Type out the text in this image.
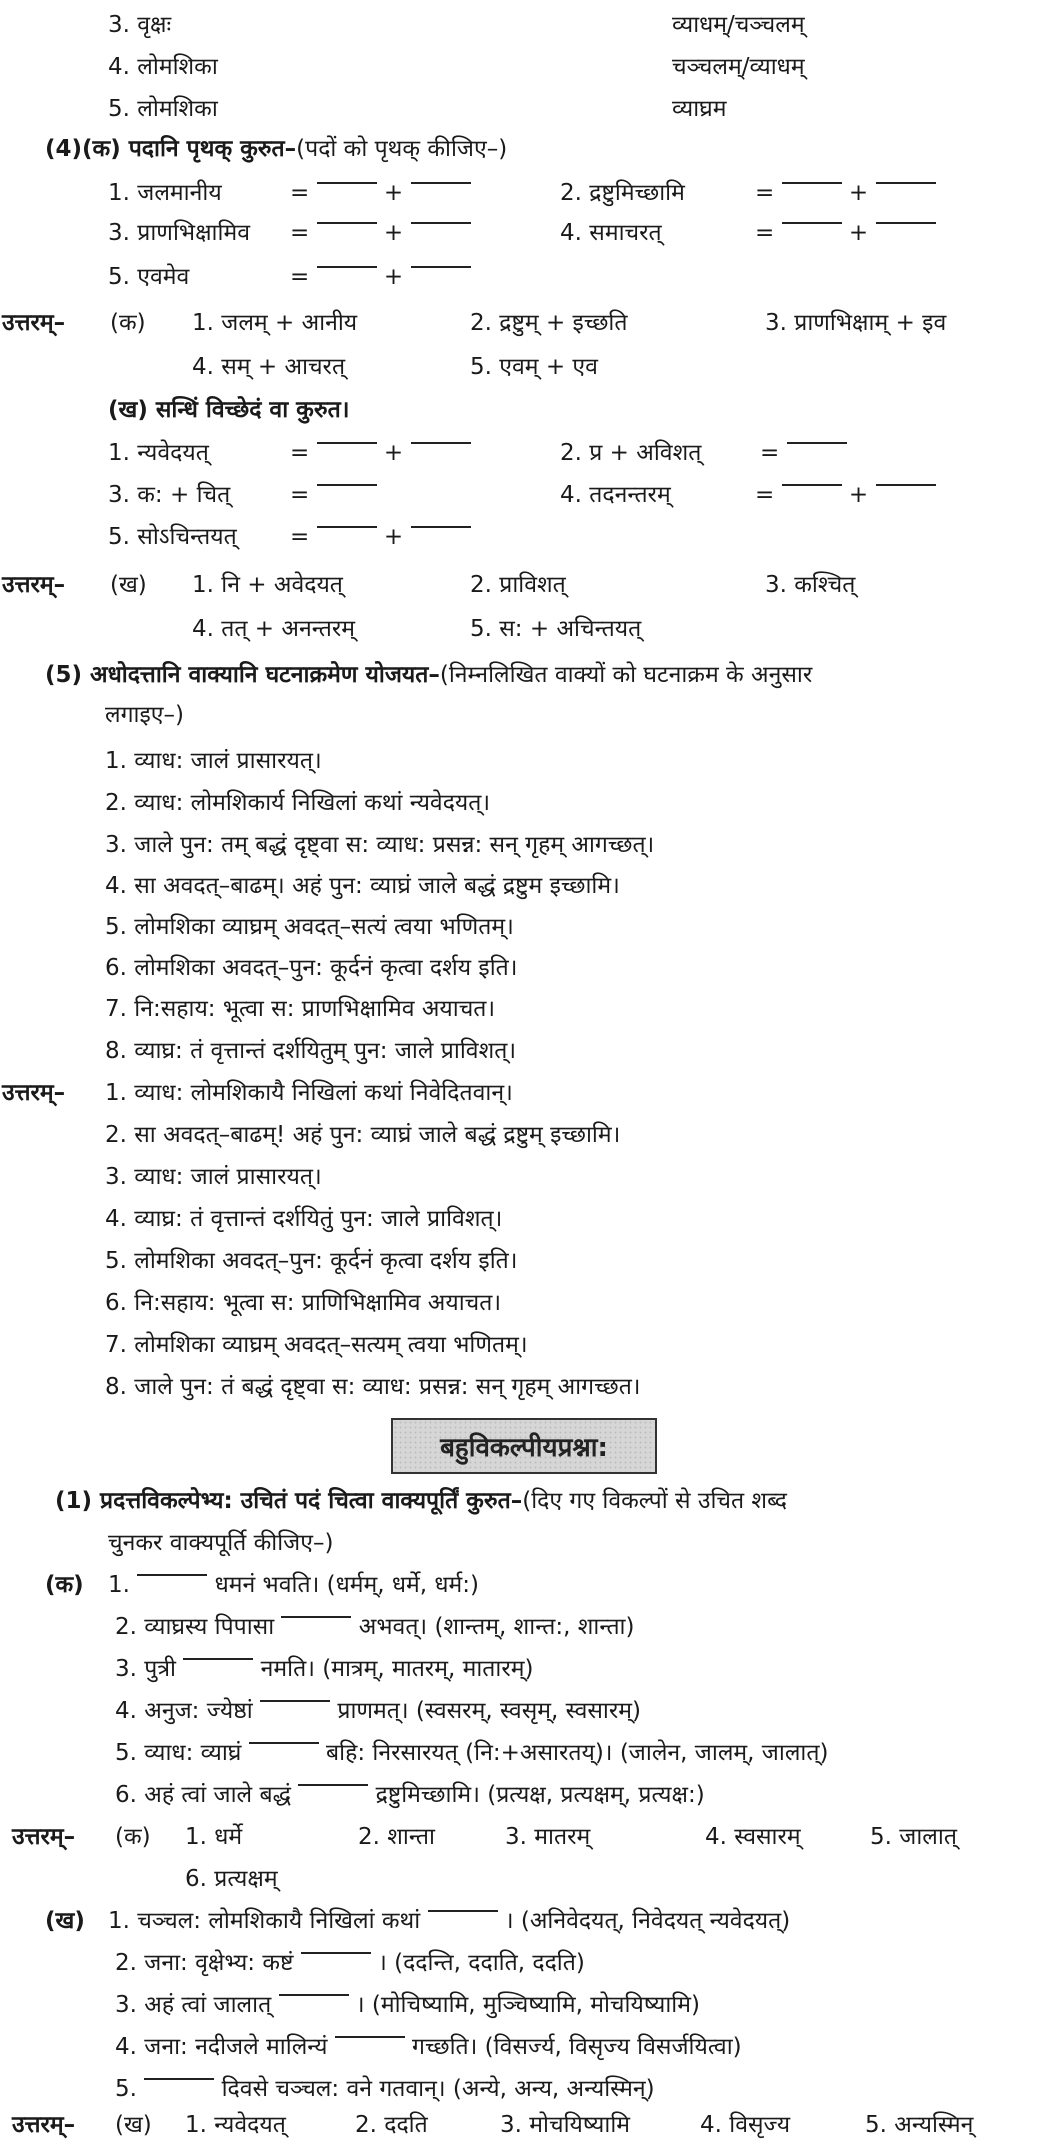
3. वृक्षः	व्याधम्/चञ्चलम्
4. लोमशिका	चञ्चलम्/व्याधम्
5. लोमशिका	व्याघ्रम
(4)(क) पदानि पृथक् कुरुत–(पदों को पृथक् कीजिए–)
1. जलमानीय	=	+	2. द्रष्टुमिच्छामि	=	+
3. प्राणभिक्षामिव =	+	4. समाचरत्	=	+
5. एवमेव	=	+
उत्तरम्– (क) 1. जलम् + आनीय	2. द्रष्टुम् + इच्छति	3. प्राणभिक्षाम् + इव
4. सम् + आचरत्	5. एवम् + एव
(ख) सन्धिं विच्छेदं वा कुरुत।
1. न्यवेदयत्	=	+	2. प्र + अविशत्	=
3. क: + चित्	=	4. तदनन्तरम्	=	+
5. सोऽचिन्तयत् =	+
उत्तरम्– (ख) 1. नि + अवेदयत्	2. प्राविशत्	3. कश्चित्
4. तत् + अनन्तरम्	5. स: + अचिन्तयत्
(5) अधोदत्तानि वाक्यानि घटनाक्रमेण योजयत–(निम्नलिखित वाक्यों को घटनाक्रम के अनुसार
लगाइए–)
1. व्याध: जालं प्रासारयत्।
2. व्याध: लोमशिकार्य निखिलां कथां न्यवेदयत्।
3. जाले पुन: तम् बद्धं दृष्ट्वा स: व्याध: प्रसन्न: सन् गृहम् आगच्छत्।
4. सा अवदत्–बाढम्। अहं पुन: व्याघ्रं जाले बद्धं द्रष्टुम इच्छामि।
5. लोमशिका व्याघ्रम् अवदत्–सत्यं त्वया भणितम्।
6. लोमशिका अवदत्–पुन: कूर्दनं कृत्वा दर्शय इति।
7. नि:सहाय: भूत्वा स: प्राणभिक्षामिव अयाचत।
8. व्याघ्र: तं वृत्तान्तं दर्शयितुम् पुन: जाले प्राविशत्।
उत्तरम्– 1. व्याध: लोमशिकायै निखिलां कथां निवेदितवान्।
2. सा अवदत्–बाढम्! अहं पुन: व्याघ्रं जाले बद्धं द्रष्टुम् इच्छामि।
3. व्याध: जालं प्रासारयत्।
4. व्याघ्र: तं वृत्तान्तं दर्शयितुं पुन: जाले प्राविशत्।
5. लोमशिका अवदत्–पुन: कूर्दनं कृत्वा दर्शय इति।
6. नि:सहाय: भूत्वा स: प्राणिभिक्षामिव अयाचत।
7. लोमशिका व्याघ्रम् अवदत्–सत्यम् त्वया भणितम्।
8. जाले पुन: तं बद्धं दृष्ट्वा स: व्याध: प्रसन्न: सन् गृहम् आगच्छत।
बहुविकल्पीयप्रश्ना:
(1) प्रदत्तविकल्पेभ्य: उचितं पदं चित्वा वाक्यपूर्तिं कुरुत–(दिए गए विकल्पों से उचित शब्द
चुनकर वाक्यपूर्ति कीजिए–)
(क) 1.	धमनं भवति। (धर्मम्, धर्मे, धर्म:)
2. व्याघ्रस्य पिपासा	अभवत्। (शान्तम्, शान्त:, शान्ता)
3. पुत्री	नमति। (मात्रम्, मातरम्, मातारम्)
4. अनुज: ज्येष्ठां	प्राणमत्। (स्वसरम्, स्वसृम्, स्वसारम्)
5. व्याध: व्याघ्रं	बहि: निरसारयत् (नि:+असारतय्)। (जालेन, जालम्, जालात्)
6. अहं त्वां जाले बद्धं	द्रष्टुमिच्छामि। (प्रत्यक्ष, प्रत्यक्षम्, प्रत्यक्ष:)
उत्तरम्– (क) 1. धर्मे	2. शान्ता	3. मातरम्	4. स्वसारम्	5. जालात्
6. प्रत्यक्षम्
(ख) 1. चञ्चल: लोमशिकायै निखिलां कथां	। (अनिवेदयत्, निवेदयत् न्यवेदयत्)
2. जना: वृक्षेभ्य: कष्टं	। (ददन्ति, ददाति, ददति)
3. अहं त्वां जालात्	। (मोचिष्यामि, मुञ्चिष्यामि, मोचयिष्यामि)
4. जना: नदीजले मालिन्यं	गच्छति। (विसर्ज्य, विसृज्य विसर्जयित्वा)
5.	दिवसे चञ्चल: वने गतवान्। (अन्ये, अन्य, अन्यस्मिन्)
उत्तरम्– (ख) 1. न्यवेदयत्	2. ददति	3. मोचयिष्यामि	4. विसृज्य	5. अन्यस्मिन्
